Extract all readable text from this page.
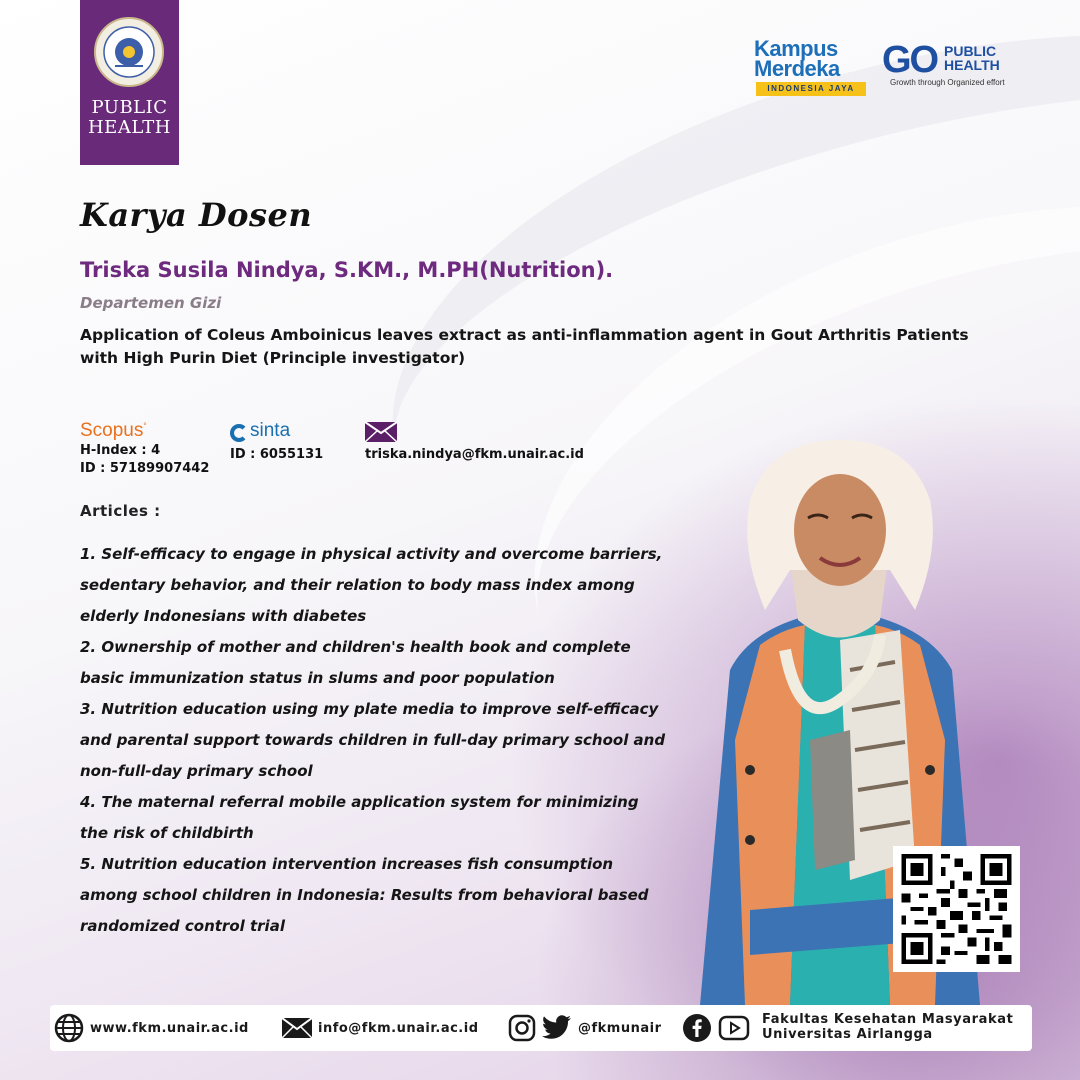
PUBLIC
HEALTH
Kampus
Merdeka
INDONESIA JAYA
GO PUBLIC
HEALTH
Growth through Organized effort
Karya Dosen
Triska Susila Nindya, S.KM., M.PH(Nutrition).
Departemen Gizi
Application of Coleus Amboinicus leaves extract as anti-inflammation agent in Gout Arthritis Patients with High Purin Diet (Principle investigator)
Scopus°
H-Index : 4
ID : 57189907442
sinta
ID : 6055131	triska.nindya@fkm.unair.ac.id
Articles :
1. Self-efficacy to engage in physical activity and overcome barriers,
sedentary behavior, and their relation to body mass index among
elderly Indonesians with diabetes
2. Ownership of mother and children's health book and complete
basic immunization status in slums and poor population
3. Nutrition education using my plate media to improve self-efficacy
and parental support towards children in full-day primary school and
non-full-day primary school
4. The maternal referral mobile application system for minimizing
the risk of childbirth
5. Nutrition education intervention increases fish consumption
among school children in Indonesia: Results from behavioral based
randomized control trial
www.fkm.unair.ac.id	info@fkm.unair.ac.id	@fkmunair
Fakultas Kesehatan Masyarakat
Universitas Airlangga
